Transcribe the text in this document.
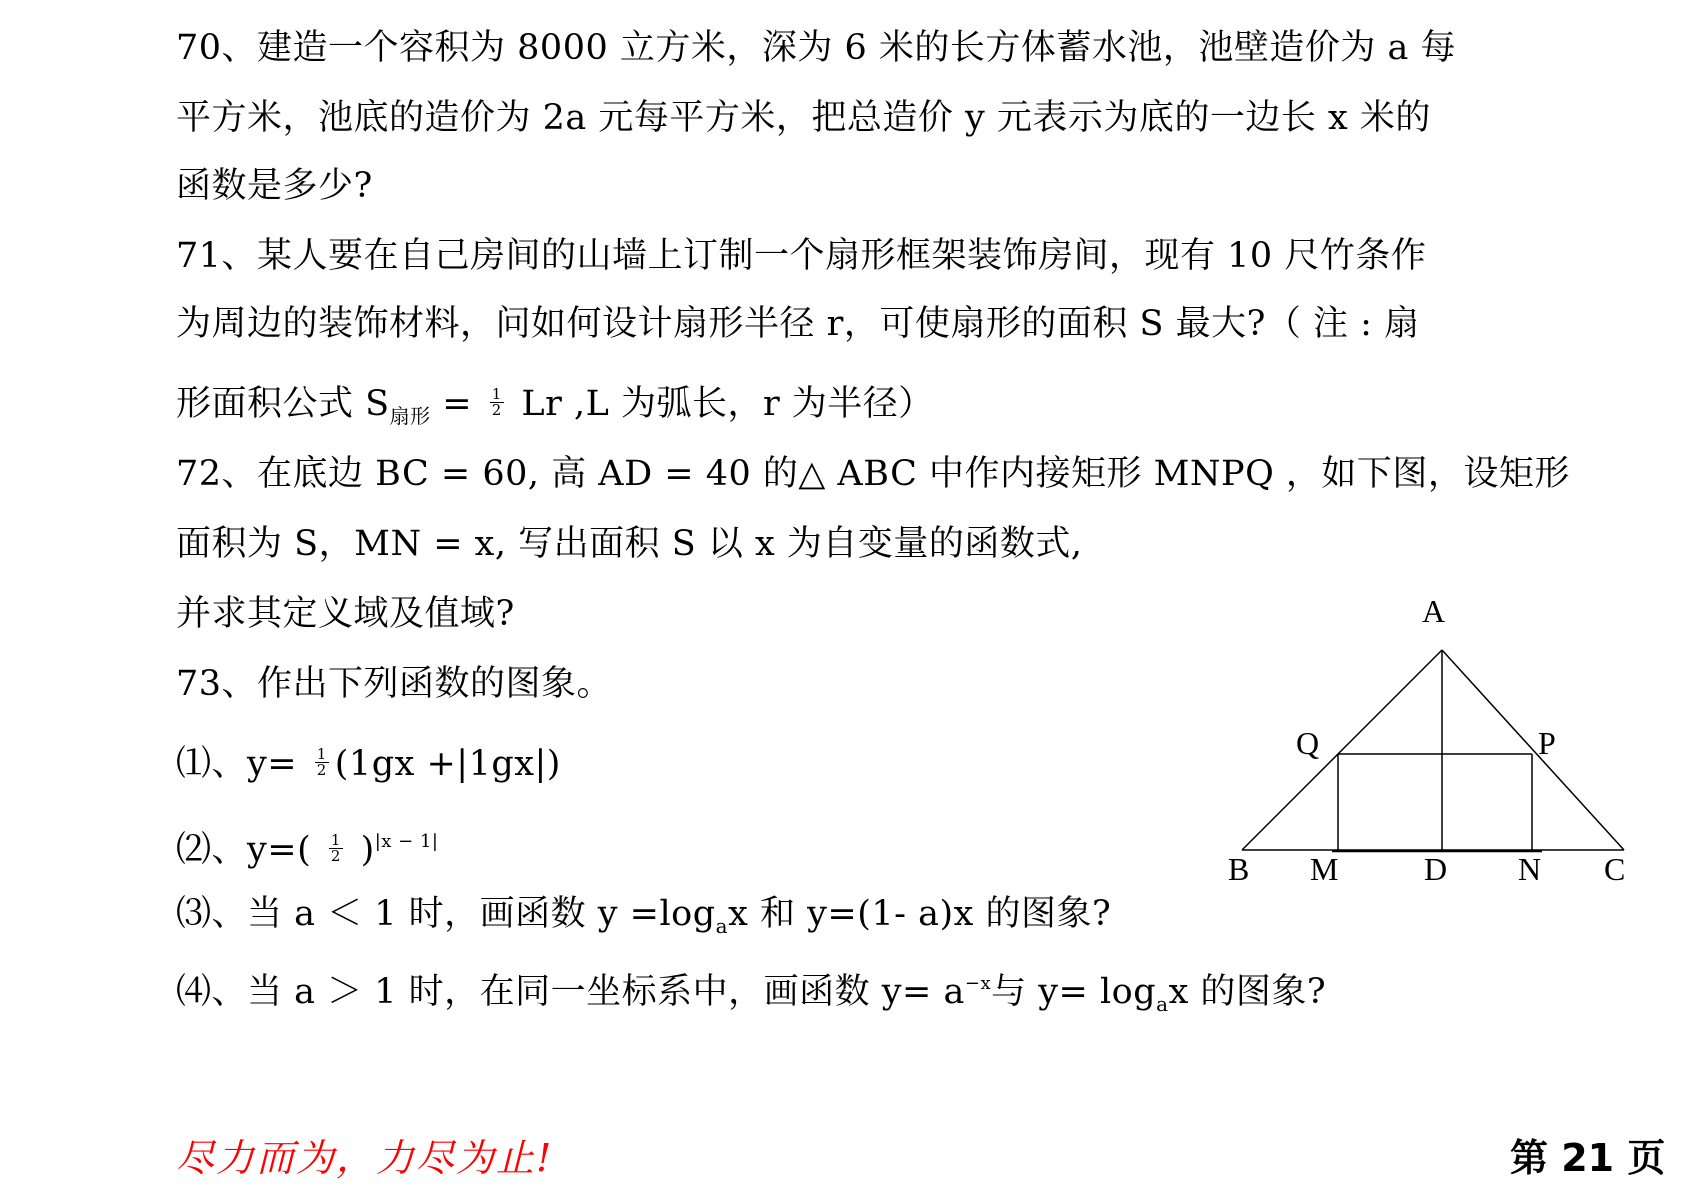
70、建造一个容积为 8000 立方米，深为 6 米的长方体蓄水池，池壁造价为 a 每
平方米，池底的造价为 2a 元每平方米，把总造价 y 元表示为底的一边长 x 米的
函数是多少?
71、某人要在自己房间的山墙上订制一个扇形框架装饰房间，现有 10 尺竹条作
为周边的装饰材料，问如何设计扇形半径 r，可使扇形的面积 S 最大?（ 注 : 扇
形面积公式 $S_{扇形} = \frac{1}{2}$ Lr ,L 为弧长，r 为半径）
72、在底边 BC = 60, 高 AD = 40 的△ ABC 中作内接矩形 MNPQ ，如下图，设矩形
面积为 S，MN = x, 写出面积 S 以 x 为自变量的函数式,
并求其定义域及值域?
73、作出下列函数的图象。
⑴、$y= \frac{1}{2} (1gx +|1gx|)$
⑵、$y=( \frac{1}{2} )^{|x - 1|}$
⑶、当 a ＜ 1 时，画函数 $y =\log_ax$ 和 y=(1- a)x 的图象?
⑷、当 a ＞ 1 时，在同一坐标系中，画函数 $y= a^{-x}$与 $y= \log_ax$ 的图象?
A
Q	P
B M	D N C
尽力而为，力尽为止!	第 21 页
